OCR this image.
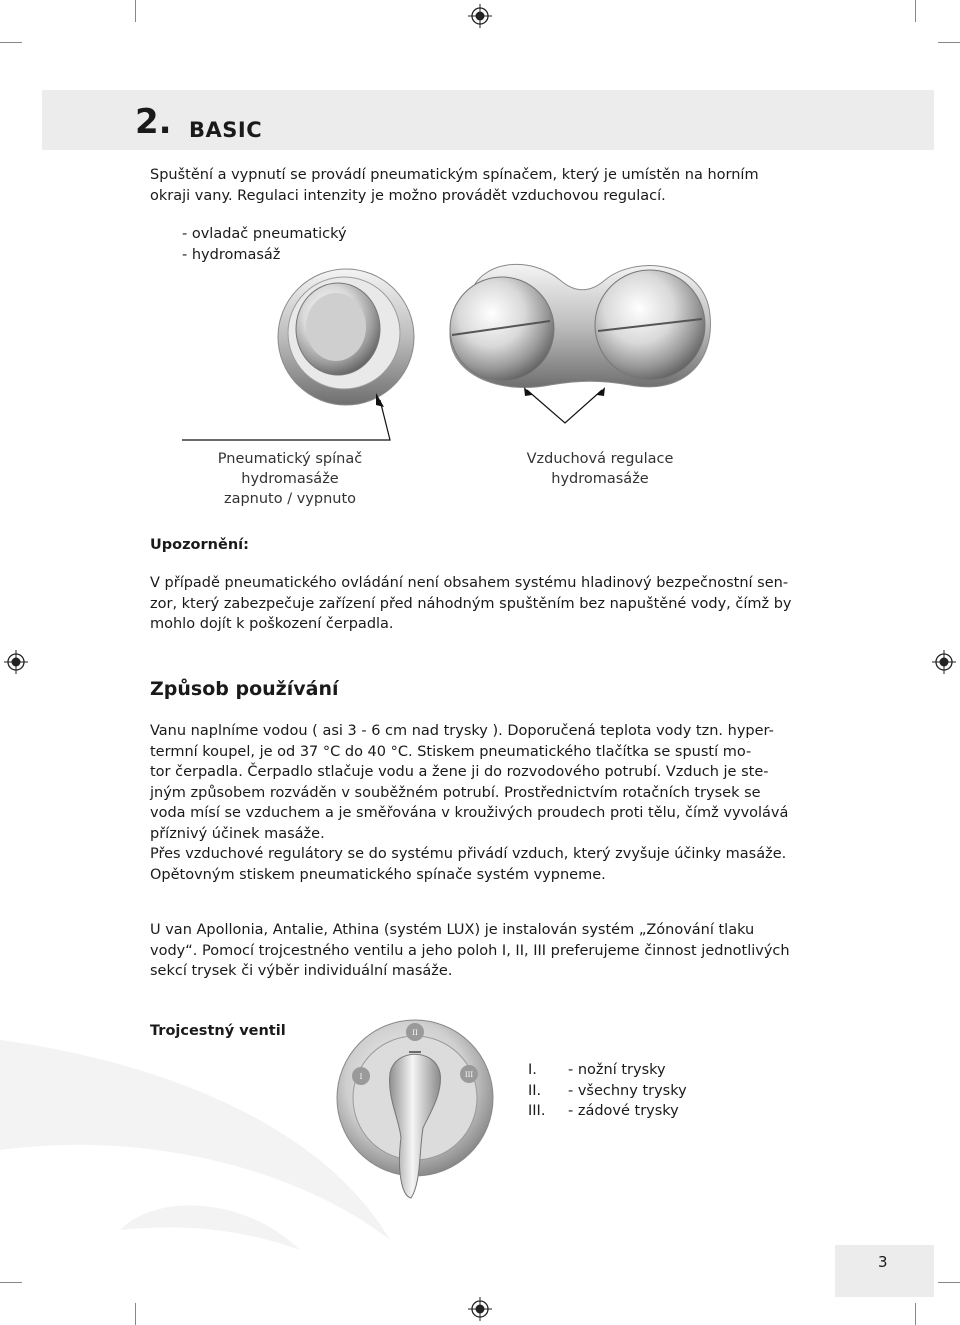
2. BASIC
Spuštění a vypnutí se provádí pneumatickým spínačem, který je umístěn na horním
okraji vany. Regulaci intenzity je možno provádět vzduchovou regulací.
- ovladač pneumatický
- hydromasáž
Pneumatický spínač
hydromasáže
zapnuto / vypnuto
Vzduchová regulace
hydromasáže
Upozornění:
V případě pneumatického ovládání není obsahem systému hladinový bezpečnostní sen-
zor, který zabezpečuje zařízení před náhodným spuštěním bez napuštěné vody, čímž by
mohlo dojít k poškození čerpadla.
Způsob používání
Vanu naplníme vodou ( asi 3 - 6 cm nad trysky ). Doporučená teplota vody tzn. hyper-
termní koupel, je od 37 °C do 40 °C. Stiskem pneumatického tlačítka se spustí mo-
tor čerpadla. Čerpadlo stlačuje vodu a žene ji do rozvodového potrubí. Vzduch je ste-
jným způsobem rozváděn v souběžném potrubí. Prostřednictvím rotačních trysek se
voda mísí se vzduchem a je směřována v krouživých proudech proti tělu, čímž vyvolává
příznivý účinek masáže.
Přes vzduchové regulátory se do systému přivádí vzduch, který zvyšuje účinky masáže.
Opětovným stiskem pneumatického spínače systém vypneme.
U van Apollonia, Antalie, Athina (systém LUX) je instalován systém „Zónování tlaku
vody“. Pomocí trojcestného ventilu a jeho poloh I, II, III preferujeme činnost jednotlivých
sekcí trysek či výběr individuální masáže.
Trojcestný ventil	II
I	III	I. - nožní trysky
II. - všechny trysky
III. - zádové trysky
3
